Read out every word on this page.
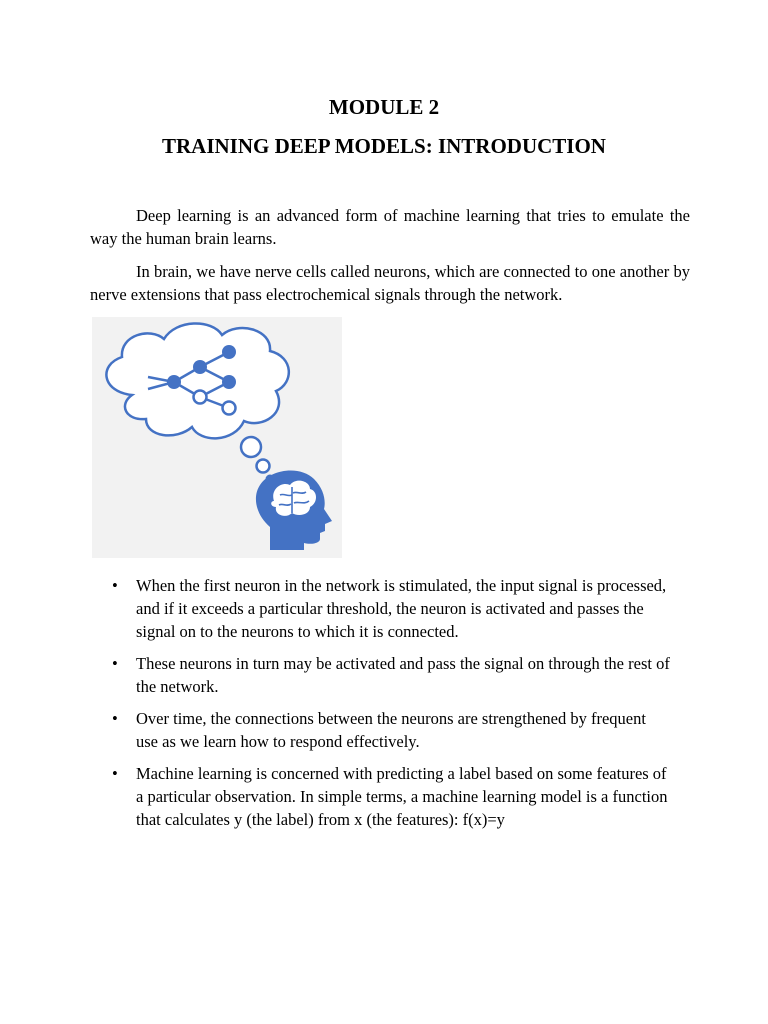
MODULE 2
TRAINING DEEP MODELS: INTRODUCTION

Deep learning is an advanced form of machine learning that tries to emulate the way the human brain learns.

In brain, we have nerve cells called neurons, which are connected to one another by nerve extensions that pass electrochemical signals through the network.

•	When the first neuron in the network is stimulated, the input signal is processed, and if it exceeds a particular threshold, the neuron is activated and passes the signal on to the neurons to which it is connected.
•	These neurons in turn may be activated and pass the signal on through the rest of the network.
•	Over time, the connections between the neurons are strengthened by frequent use as we learn how to respond effectively.
•	Machine learning is concerned with predicting a label based on some features of a particular observation. In simple terms, a machine learning model is a function that calculates y (the label) from x (the features): f(x)=y
